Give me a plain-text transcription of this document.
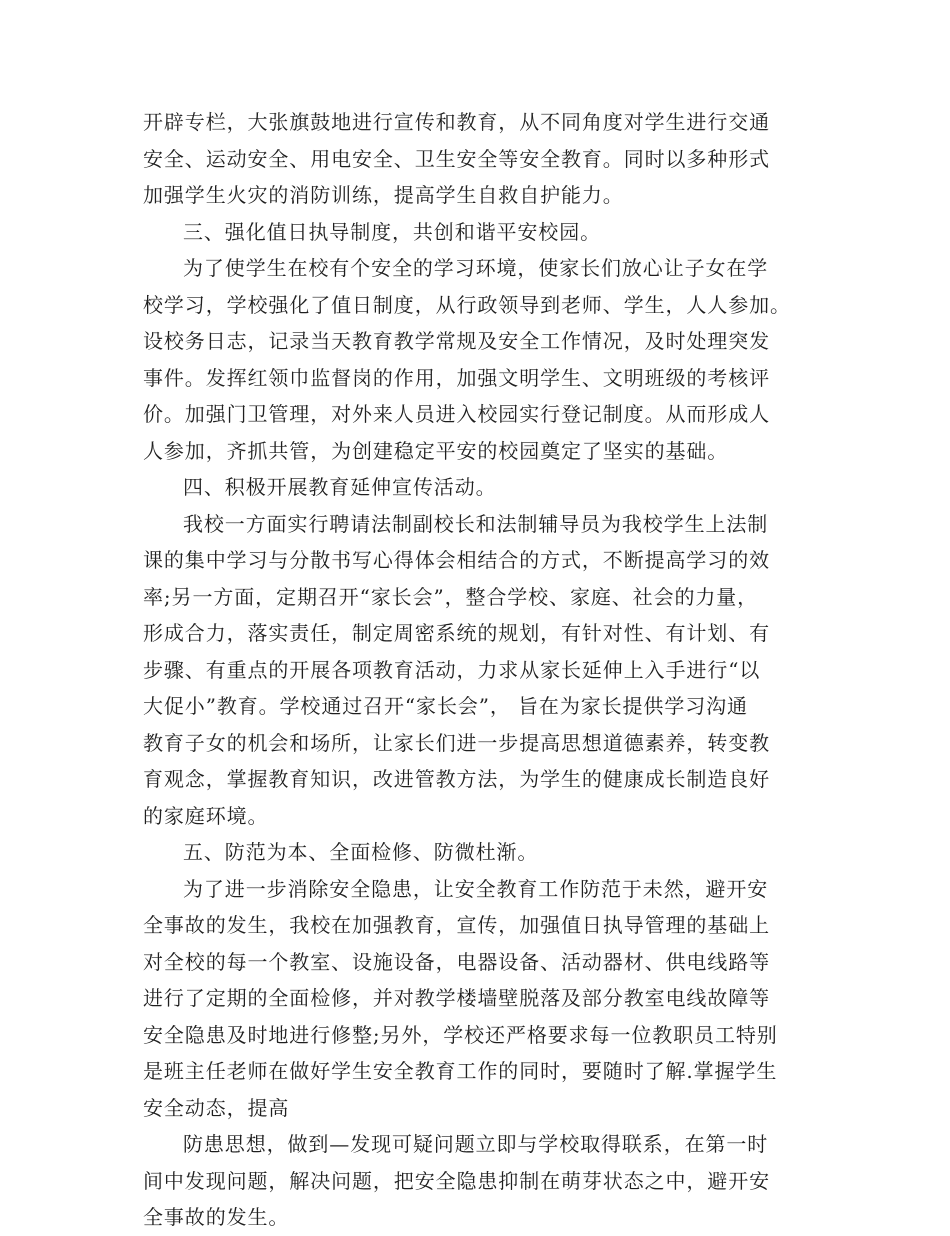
开辟专栏，大张旗鼓地进行宣传和教育，从不同角度对学生进行交通
安全、运动安全、用电安全、卫生安全等安全教育。同时以多种形式
加强学生火灾的消防训练，提高学生自救自护能力。
三、强化值日执导制度，共创和谐平安校园。
为了使学生在校有个安全的学习环境，使家长们放心让子女在学
校学习，学校强化了值日制度，从行政领导到老师、学生，人人参加。
设校务日志，记录当天教育教学常规及安全工作情况，及时处理突发
事件。发挥红领巾监督岗的作用，加强文明学生、文明班级的考核评
价。加强门卫管理，对外来人员进入校园实行登记制度。从而形成人
人参加，齐抓共管，为创建稳定平安的校园奠定了坚实的基础。
四、积极开展教育延伸宣传活动。
我校一方面实行聘请法制副校长和法制辅导员为我校学生上法制
课的集中学习与分散书写心得体会相结合的方式，不断提高学习的效
率;另一方面，定期召开“家长会”，整合学校、家庭、社会的力量，
形成合力，落实责任，制定周密系统的规划，有针对性、有计划、有
步骤、有重点的开展各项教育活动，力求从家长延伸上入手进行“以
大促小”教育。学校通过召开“家长会”， 旨在为家长提供学习沟通
教育子女的机会和场所，让家长们进一步提高思想道德素养，转变教
育观念，掌握教育知识，改进管教方法，为学生的健康成长制造良好
的家庭环境。
五、防范为本、全面检修、防微杜渐。
为了进一步消除安全隐患，让安全教育工作防范于未然，避开安
全事故的发生，我校在加强教育，宣传，加强值日执导管理的基础上
对全校的每一个教室、设施设备，电器设备、活动器材、供电线路等
进行了定期的全面检修，并对教学楼墙壁脱落及部分教室电线故障等
安全隐患及时地进行修整;另外，学校还严格要求每一位教职员工特别
是班主任老师在做好学生安全教育工作的同时，要随时了解.掌握学生
安全动态，提高
防患思想，做到—发现可疑问题立即与学校取得联系，在第一时
间中发现问题，解决问题，把安全隐患抑制在萌芽状态之中，避开安
全事故的发生。
